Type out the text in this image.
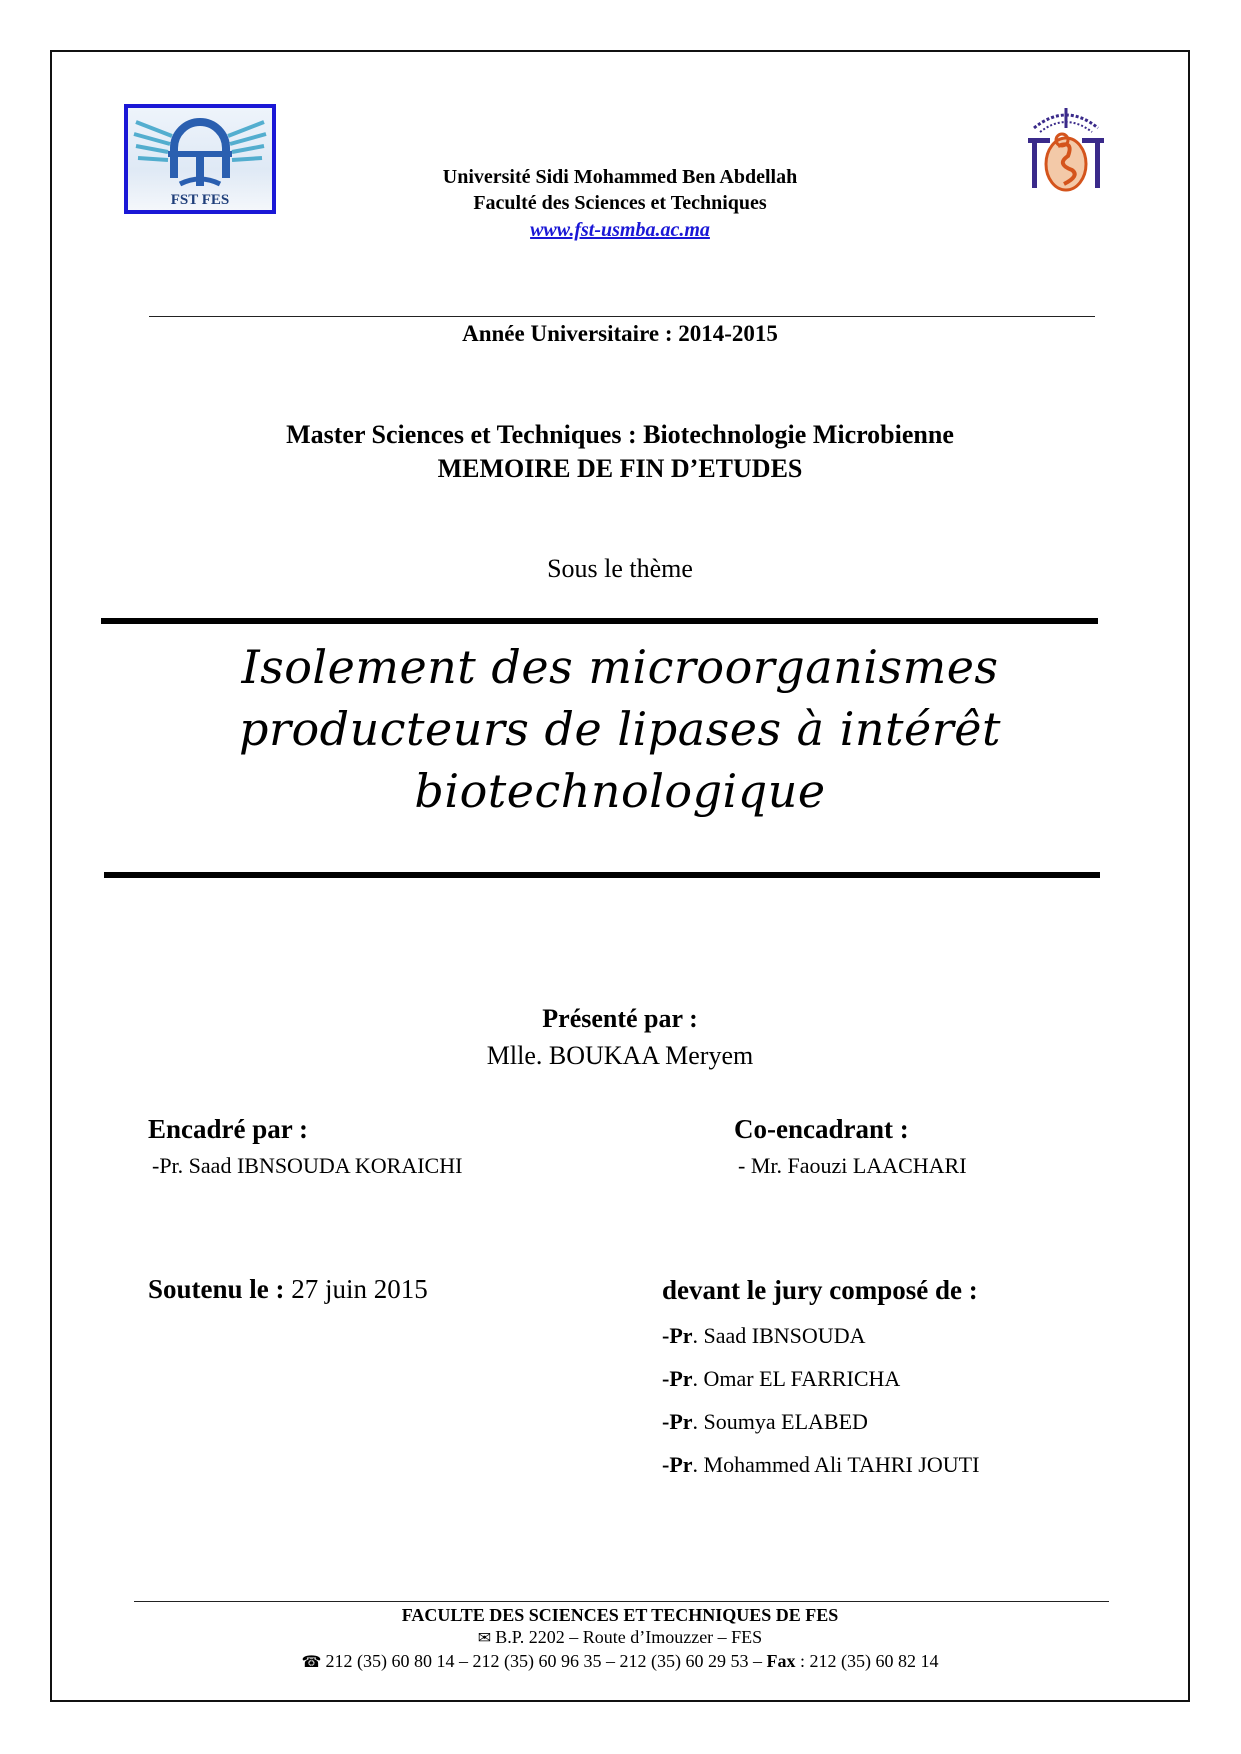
FST FES
Université Sidi Mohammed Ben Abdellah
Faculté des Sciences et Techniques
www.fst-usmba.ac.ma
Année Universitaire : 2014-2015
Master Sciences et Techniques : Biotechnologie Microbienne
MEMOIRE DE FIN D’ETUDES
Sous le thème
Isolement des microorganismes
producteurs de lipases à intérêt
biotechnologique
Présenté par :
Mlle. BOUKAA Meryem
Encadré par :
-Pr. Saad IBNSOUDA KORAICHI
Co-encadrant :
- Mr. Faouzi LAACHARI
Soutenu le : 27 juin 2015	devant le jury composé de :
-Pr. Saad IBNSOUDA
-Pr. Omar EL FARRICHA
-Pr. Soumya ELABED
-Pr. Mohammed Ali TAHRI JOUTI
FACULTE DES SCIENCES ET TECHNIQUES DE FES
✉ B.P. 2202 – Route d’Imouzzer – FES
☎ 212 (35) 60 80 14 – 212 (35) 60 96 35 – 212 (35) 60 29 53 – Fax : 212 (35) 60 82 14
